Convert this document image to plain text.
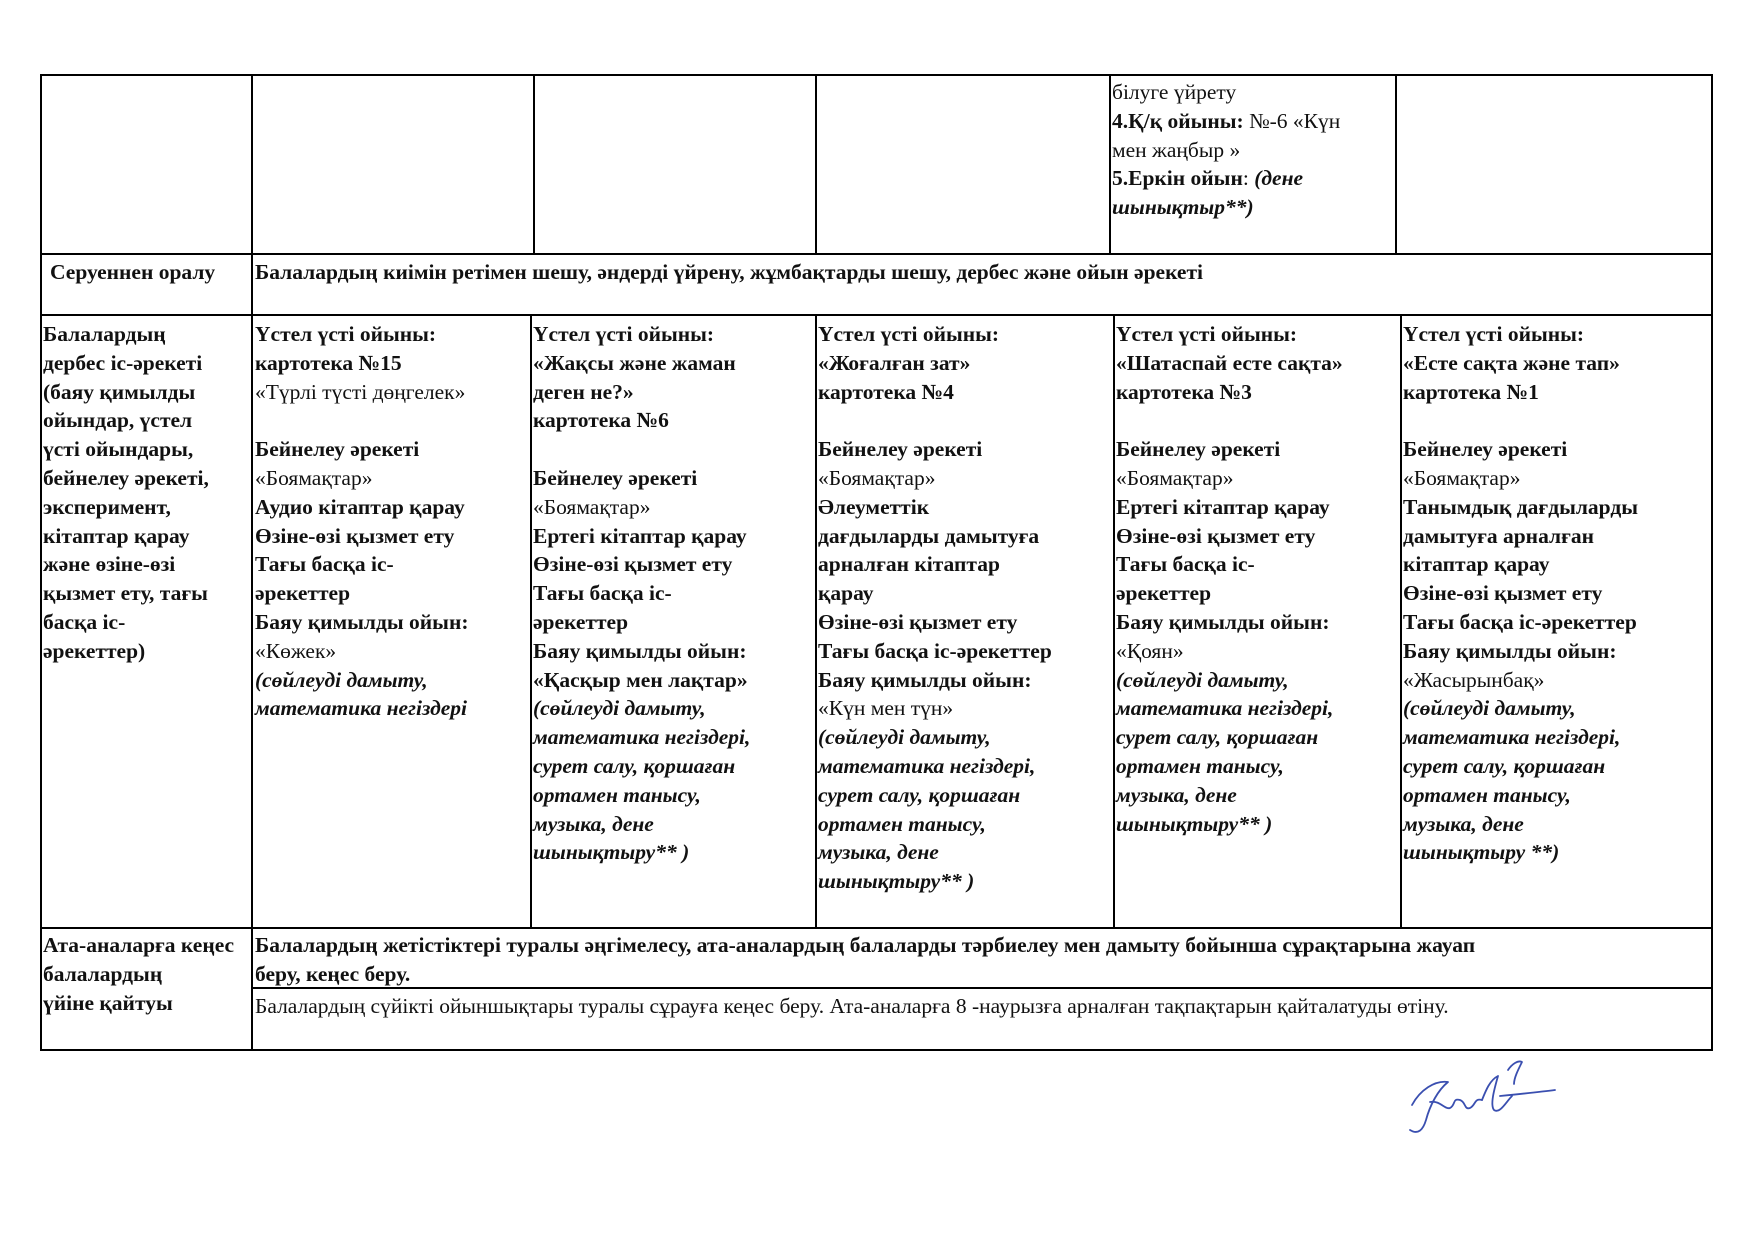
білуге үйрету
4.Қ/қ ойыны: №-6 «Күн
мен жаңбыр »
5.Еркін ойын: (дене
шынықтыр**)
Серуеннен оралу Балалардың киімін ретімен шешу, әндерді үйрену, жұмбақтарды шешу, дербес және ойын әрекеті
Балалардың
дербес іс-әрекеті
(баяу қимылды
ойындар, үстел
үсті ойындары,
бейнелеу әрекеті,
эксперимент,
кітаптар қарау
және өзіне-өзі
қызмет ету, тағы
басқа іс-
әрекеттер)
Үстел үсті ойыны:
картотека №15
«Түрлі түсті дөңгелек»

Бейнелеу әрекеті
«Боямақтар»
Аудио кітаптар қарау
Өзіне-өзі қызмет ету
Тағы басқа іс-
әрекеттер
Баяу қимылды ойын:
«Көжек»
(сөйлеуді дамыту,
математика негіздері
Үстел үсті ойыны:
«Жақсы және жаман
деген не?»
картотека №6

Бейнелеу әрекеті
«Боямақтар»
Ертегі кітаптар қарау
Өзіне-өзі қызмет ету
Тағы басқа іс-
әрекеттер
Баяу қимылды ойын:
«Қасқыр мен лақтар»
(сөйлеуді дамыту,
математика негіздері,
сурет салу, қоршаған
ортамен танысу,
музыка, дене
шынықтыру** )
Үстел үсті ойыны:
«Жоғалған зат»
картотека №4

Бейнелеу әрекеті
«Боямақтар»
Әлеуметтік
дағдыларды дамытуға
арналған кітаптар
қарау
Өзіне-өзі қызмет ету
Тағы басқа іс-әрекеттер
Баяу қимылды ойын:
«Күн мен түн»
(сөйлеуді дамыту,
математика негіздері,
сурет салу, қоршаған
ортамен танысу,
музыка, дене
шынықтыру** )
Үстел үсті ойыны:
«Шатаспай есте сақта»
картотека №3

Бейнелеу әрекеті
«Боямақтар»
Ертегі кітаптар қарау
Өзіне-өзі қызмет ету
Тағы басқа іс-
әрекеттер
Баяу қимылды ойын:
«Қоян»
(сөйлеуді дамыту,
математика негіздері,
сурет салу, қоршаған
ортамен танысу,
музыка, дене
шынықтыру** )
Үстел үсті ойыны:
«Есте сақта және тап»
картотека №1

Бейнелеу әрекеті
«Боямақтар»
Танымдық дағдыларды
дамытуға арналған
кітаптар қарау
Өзіне-өзі қызмет ету
Тағы басқа іс-әрекеттер
Баяу қимылды ойын:
«Жасырынбақ»
(сөйлеуді дамыту,
математика негіздері,
сурет салу, қоршаған
ортамен танысу,
музыка, дене
шынықтыру **)
Ата-аналарға кеңес
балалардың
үйіне қайтуы
Балалардың жетістіктері туралы әңгімелесу, ата-аналардың балаларды тәрбиелеу мен дамыту бойынша сұрақтарына жауап
беру, кеңес беру.
Балалардың сүйікті ойыншықтары туралы сұрауға кеңес беру. Ата-аналарға 8 -наурызға арналған тақпақтарын қайталатуды өтіну.
